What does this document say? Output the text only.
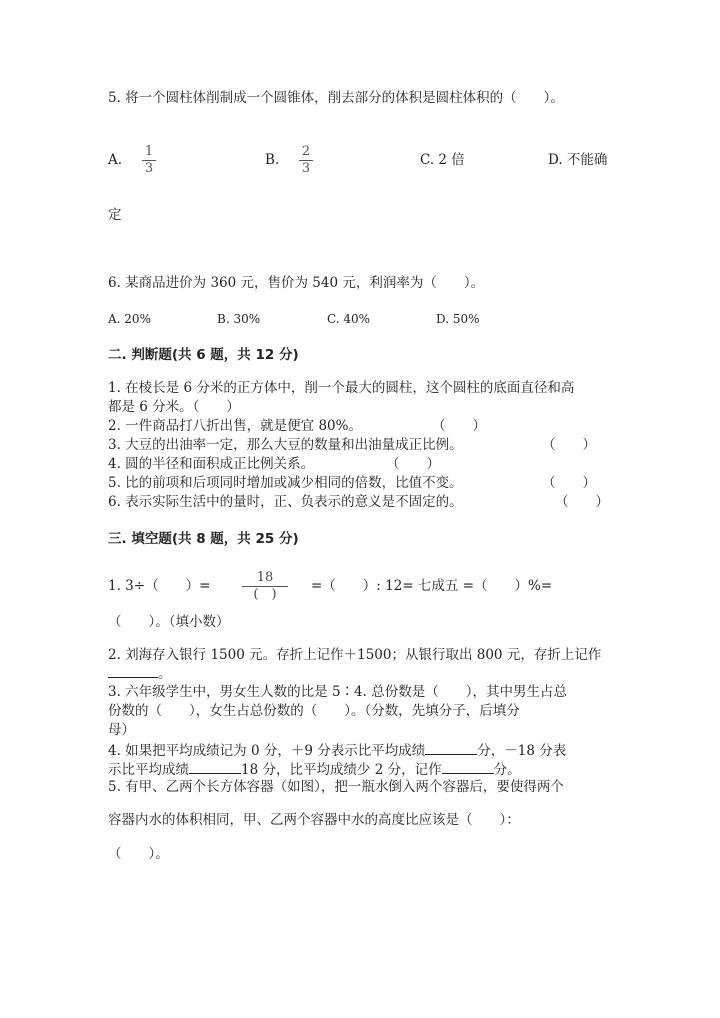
5. 将一个圆柱体削制成一个圆锥体，削去部分的体积是圆柱体积的（　　）。
A.
1
3
B.
2
3
C. 2 倍	D. 不能确
定
6. 某商品进价为 360 元，售价为 540 元，利润率为（　　）。
A. 20%	B. 30%	C. 40%	D. 50%
二. 判断题(共 6 题，共 12 分)
1. 在棱长是 6 分米的正方体中，削一个最大的圆柱，这个圆柱的底面直径和高
都是 6 分米。（　　）
2. 一件商品打八折出售，就是便宜 80%。	（　　）
3. 大豆的出油率一定，那么大豆的数量和出油量成正比例。	（　　）
4. 圆的半径和面积成正比例关系。	（　　）
5. 比的前项和后项同时增加或减少相同的倍数，比值不变。	（　　）
6. 表示实际生活中的量时，正、负表示的意义是不固定的。	（　　）
三. 填空题(共 8 题，共 25 分)
1. 3÷（　　）=
18
(　)
=（　　）: 12= 七成五 =（　　）%=
（　　）。（填小数）
2. 刘海存入银行 1500 元。存折上记作＋1500；从银行取出 800 元，存折上记作
。
3. 六年级学生中，男女生人数的比是 5∶4. 总份数是（　　），其中男生占总
份数的（　　），女生占总份数的（　　）。（分数，先填分子，后填分
母）
4. 如果把平均成绩记为 0 分，＋9 分表示比平均成绩	分，－18 分表
示比平均成绩	18 分，比平均成绩少 2 分，记作	分。
5. 有甲、乙两个长方体容器（如图），把一瓶水倒入两个容器后，要使得两个
容器内水的体积相同，甲、乙两个容器中水的高度比应该是（　　）：
（　　）。
